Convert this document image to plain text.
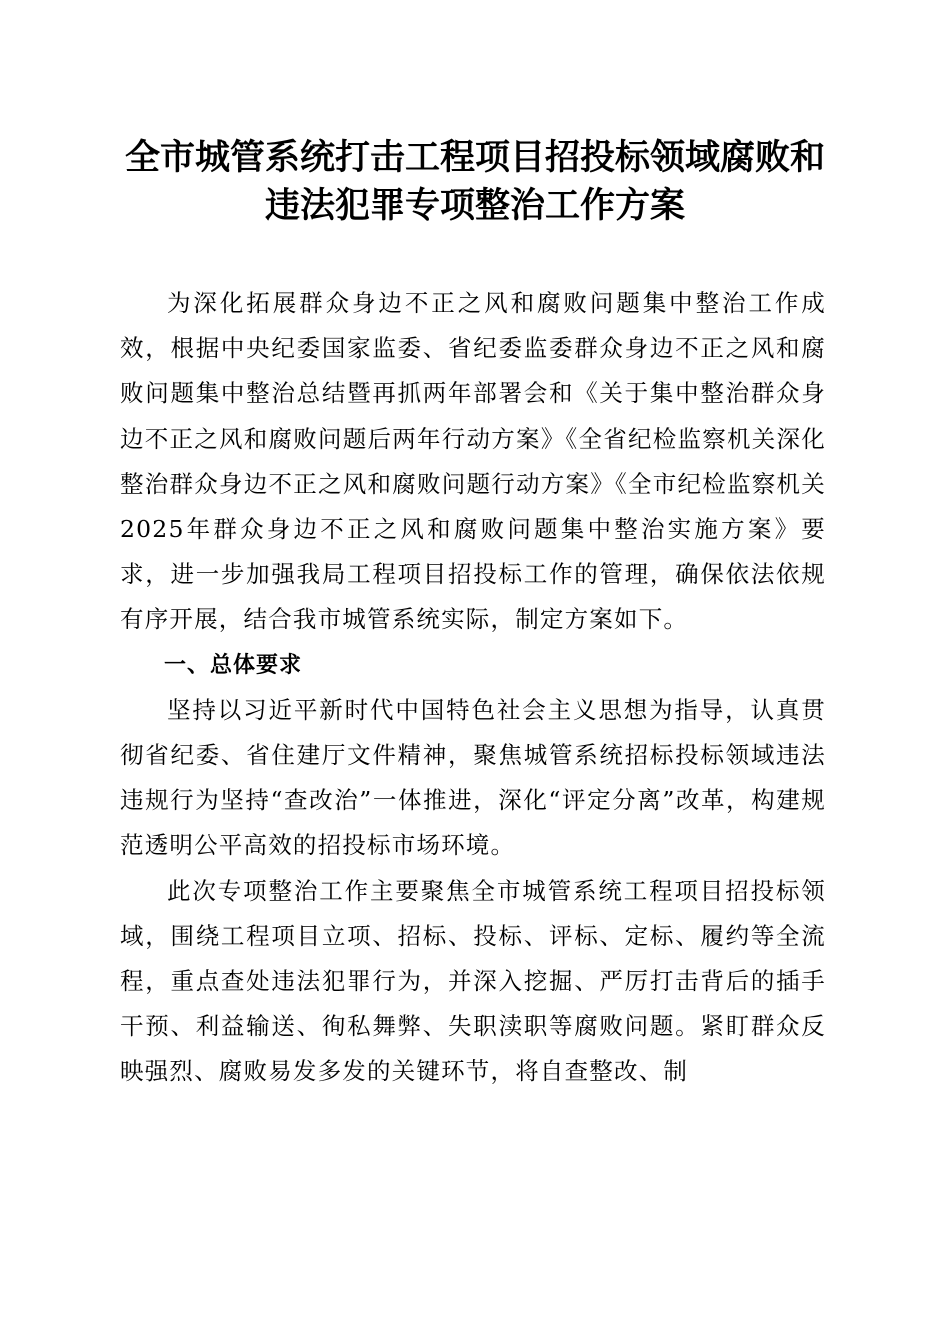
全市城管系统打击工程项目招投标领域腐败和
违法犯罪专项整治工作方案

为深化拓展群众身边不正之风和腐败问题集中整治工作成效，根据中央纪委国家监委、省纪委监委群众身边不正之风和腐败问题集中整治总结暨再抓两年部署会和《关于集中整治群众身边不正之风和腐败问题后两年行动方案》《全省纪检监察机关深化整治群众身边不正之风和腐败问题行动方案》《全市纪检监察机关2025年群众身边不正之风和腐败问题集中整治实施方案》要求，进一步加强我局工程项目招投标工作的管理，确保依法依规有序开展，结合我市城管系统实际，制定方案如下。

一、总体要求

坚持以习近平新时代中国特色社会主义思想为指导，认真贯彻省纪委、省住建厅文件精神，聚焦城管系统招标投标领域违法违规行为坚持“查改治”一体推进，深化“评定分离”改革，构建规范透明公平高效的招投标市场环境。

此次专项整治工作主要聚焦全市城管系统工程项目招投标领域，围绕工程项目立项、招标、投标、评标、定标、履约等全流程，重点查处违法犯罪行为，并深入挖掘、严厉打击背后的插手干预、利益输送、徇私舞弊、失职渎职等腐败问题。紧盯群众反映强烈、腐败易发多发的关键环节，将自查整改、制
